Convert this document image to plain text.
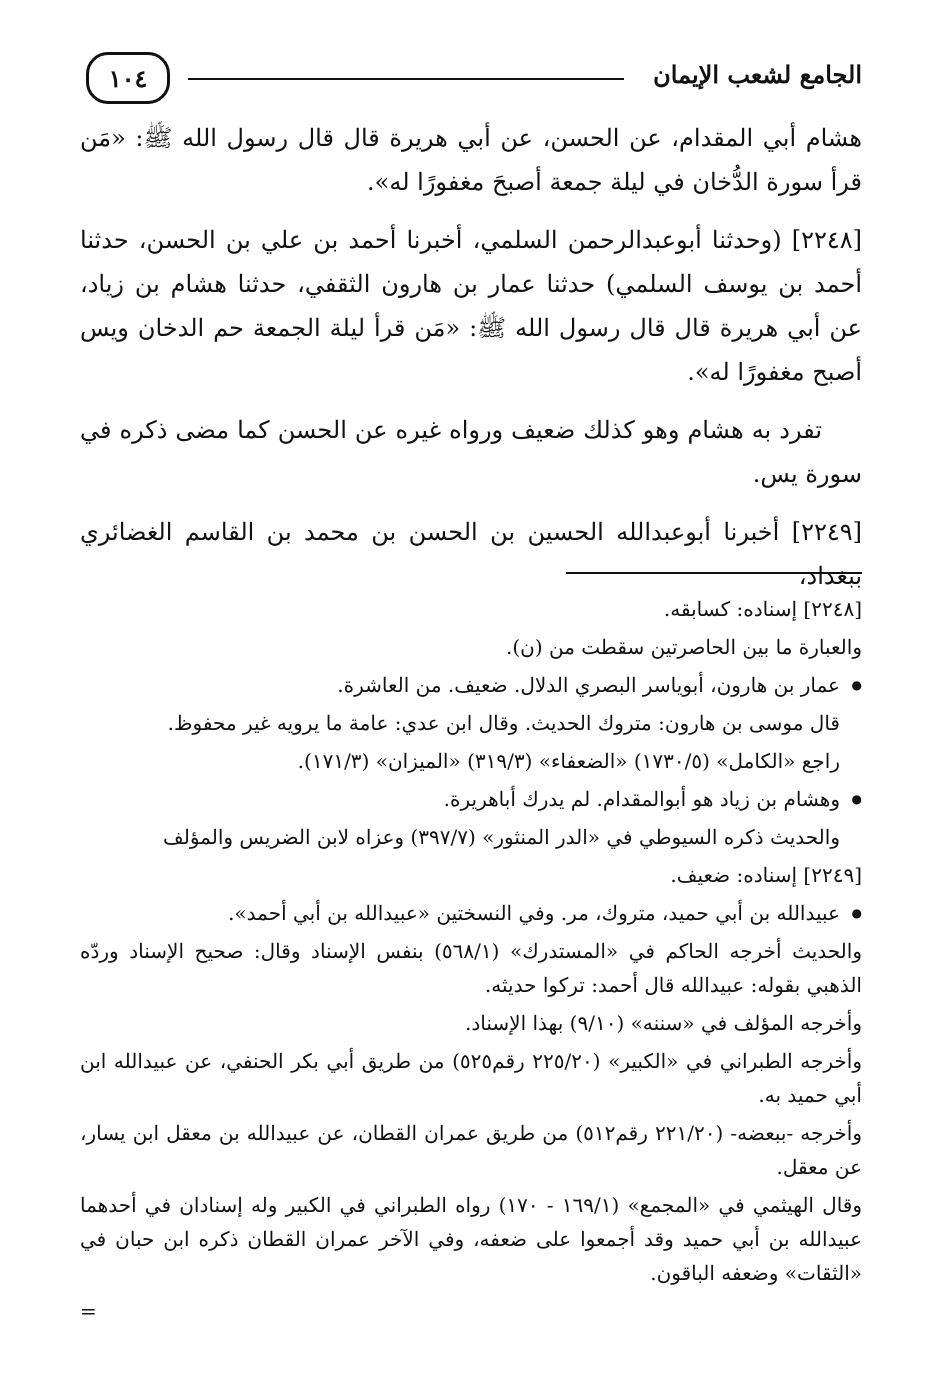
الجامع لشعب الإيمان
١٠٤

هشام أبي المقدام، عن الحسن، عن أبي هريرة قال قال رسول الله ﷺ: «مَن قرأ سورة الدُّخان في ليلة جمعة أصبحَ مغفورًا له».

[٢٢٤٨] (وحدثنا أبوعبدالرحمن السلمي، أخبرنا أحمد بن علي بن الحسن، حدثنا أحمد بن يوسف السلمي) حدثنا عمار بن هارون الثقفي، حدثنا هشام بن زياد، عن أبي هريرة قال قال رسول الله ﷺ: «مَن قرأ ليلة الجمعة حم الدخان ويس أصبح مغفورًا له».

تفرد به هشام وهو كذلك ضعيف ورواه غيره عن الحسن كما مضى ذكره في سورة يس.

[٢٢٤٩] أخبرنا أبوعبدالله الحسين بن الحسن بن محمد بن القاسم الغضائري ببغداد،

[٢٢٤٨] إسناده: كسابقه.

والعبارة ما بين الحاصرتين سقطت من (ن).

● عمار بن هارون، أبوياسر البصري الدلال. ضعيف. من العاشرة.

قال موسى بن هارون: متروك الحديث. وقال ابن عدي: عامة ما يرويه غير محفوظ.

راجع «الكامل» (١٧٣٠/٥) «الضعفاء» (٣١٩/٣) «الميزان» (١٧١/٣).

● وهشام بن زياد هو أبوالمقدام. لم يدرك أباهريرة.

والحديث ذكره السيوطي في «الدر المنثور» (٣٩٧/٧) وعزاه لابن الضريس والمؤلف

[٢٢٤٩] إسناده: ضعيف.

● عبيدالله بن أبي حميد، متروك، مر. وفي النسختين «عبيدالله بن أبي أحمد».

والحديث أخرجه الحاكم في «المستدرك» (٥٦٨/١) بنفس الإسناد وقال: صحيح الإسناد وردّه الذهبي بقوله: عبيدالله قال أحمد: تركوا حديثه.

وأخرجه المؤلف في «سننه» (٩/١٠) بهذا الإسناد.

وأخرجه الطبراني في «الكبير» (٢٢٥/٢٠ رقم٥٢٥) من طريق أبي بكر الحنفي، عن عبيدالله ابن أبي حميد به.

وأخرجه -ببعضه- (٢٢١/٢٠ رقم٥١٢) من طريق عمران القطان، عن عبيدالله بن معقل ابن يسار، عن معقل.

وقال الهيثمي في «المجمع» (١٦٩/١ - ١٧٠) رواه الطبراني في الكبير وله إسنادان في أحدهما عبيدالله بن أبي حميد وقد أجمعوا على ضعفه، وفي الآخر عمران القطان ذكره ابن حبان في «الثقات» وضعفه الباقون.

=
